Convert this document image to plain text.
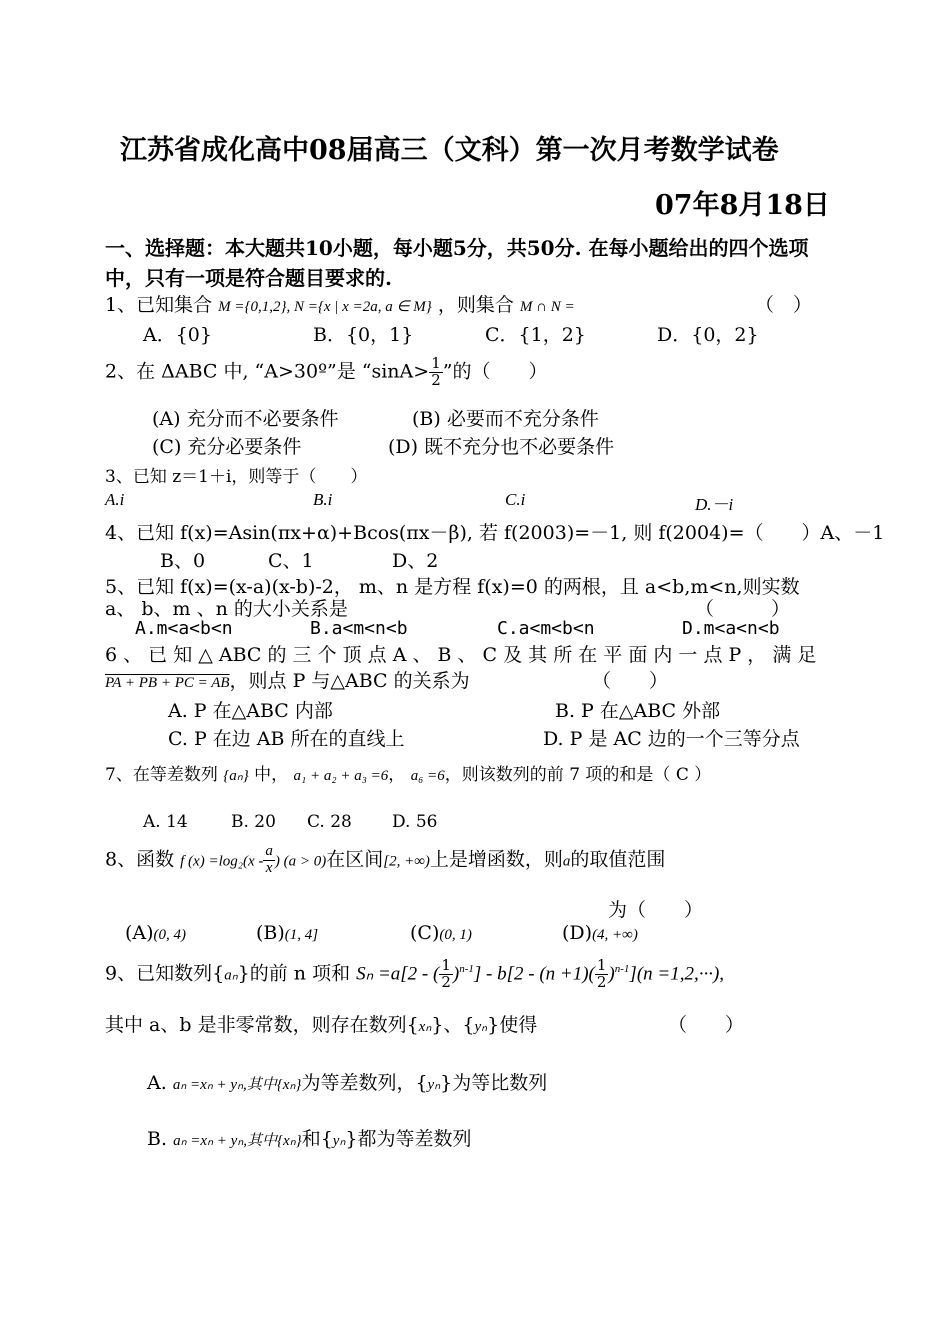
江苏省成化高中08届高三（文科）第一次月考数学试卷
07年8月18日
一、选择题：本大题共10小题，每小题5分，共50分. 在每小题给出的四个选项
中，只有一项是符合题目要求的.
1、已知集合 M ={0,1,2}, N ={x | x =2a, a ∈ M} ，则集合 M ∩ N =	（　）
A．{0}	B．{0，1}	C．{1，2}	D．{0，2}
2、在 ΔABC 中, “A>30º”是 “$\sin A> \frac{1}{2}$ ”的（　　）
(A) 充分而不必要条件	(B) 必要而不充分条件
(C) 充分必要条件	(D) 既不充分也不必要条件
3、已知 z＝1＋i，则等于（　　）
A.i	B.i	C.i	D.－i
4、已知 f(x)=Asin(πx+α)+Bcos(πx－β), 若 f(2003)=－1, 则 f(2004)=（　　）A、－1
B、0	C、1	D、2
5、已知 f(x)=(x-a)(x-b)-2， m、n 是方程 f(x)=0 的两根，且 a<b,m<n,则实数
a、 b、m 、n 的大小关系是	（　　　）
A.m<a<b<n	B.a<m<n<b	C.a<m<b<n	D.m<a<n<b
6 、 已 知 △ ABC 的 三 个 顶 点 A 、 B 、 C 及 其 所 在 平 面 内 一 点 P ， 满 足
PA + PB + PC = AB，则点 P 与△ABC 的关系为	（　　）
A. P 在△ABC 内部	B. P 在△ABC 外部
C. P 在边 AB 所在的直线上	D. P 是 AC 边的一个三等分点
7、在等差数列 {aₙ} 中， a₁ + a₂ + a₃ =6， a₆ =6，则该数列的前 7 项的和是（ C ）
A. 14	B. 20 C. 28 D. 56
8、函数 f $(x) =\log_2(x - \frac{a}{x}$ ) (a > 0)在区间[2, +∞)上是增函数，则a的取值范围
为（　　）
(A)(0, 4)	(B)(1, 4]	(C)(0, 1)	(D)(4, +∞)
9、已知数列{aₙ}的前 n 项和 Sₙ =a[2 - ( $\frac{1}{2} )^{n-1}] - b[2 - (n +1)( \frac{1}{2} )^{n-1}](n =1,2,\cdot\cdot\cdot)$,
其中 a、b 是非零常数，则存在数列{xₙ}、{yₙ}使得	（　　）
A. aₙ =xₙ + yₙ,其中{xₙ}为等差数列，{yₙ}为等比数列
B. aₙ =xₙ + yₙ,其中{xₙ}和{yₙ}都为等差数列
